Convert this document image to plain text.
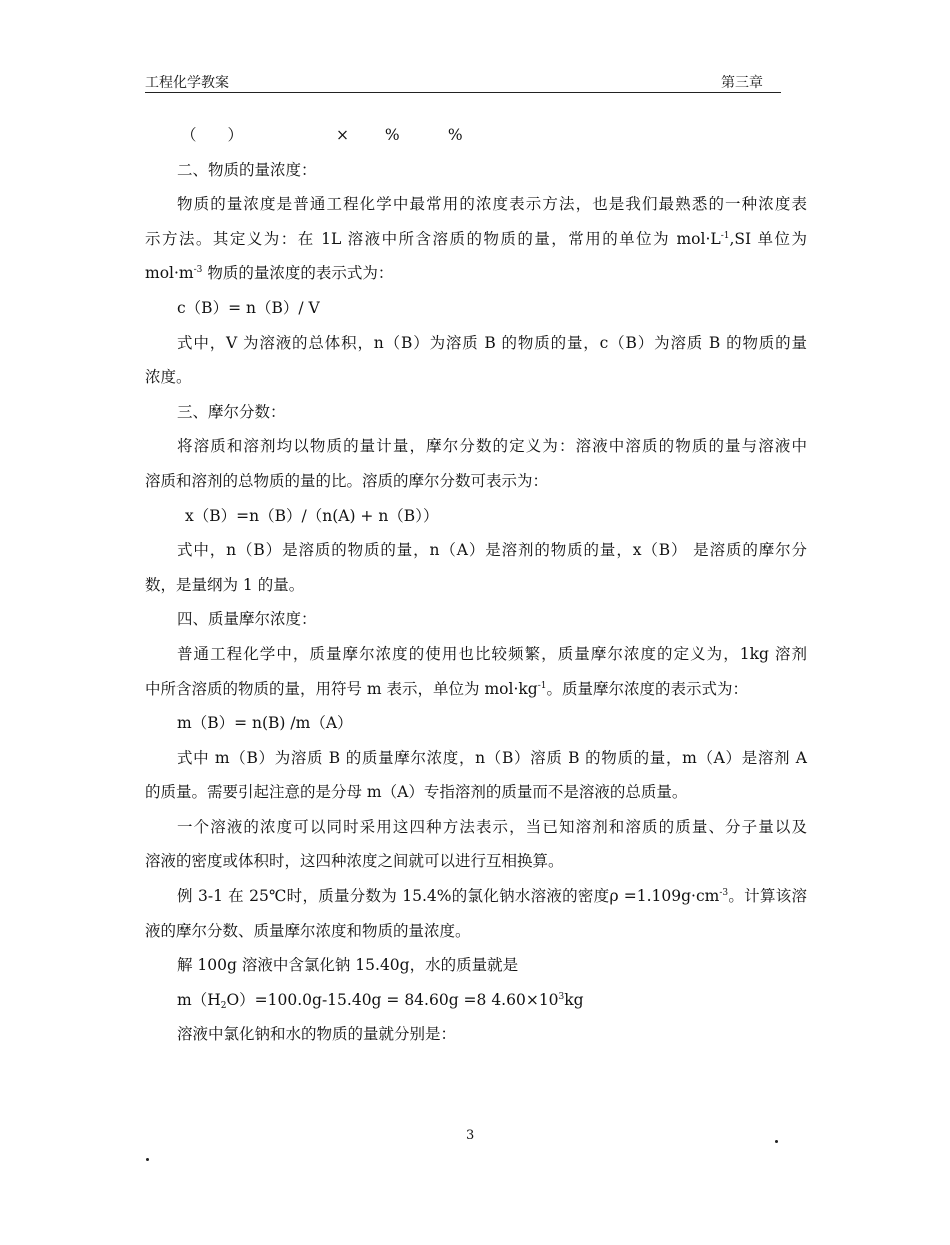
工程化学教案	第三章
（　　）	× %	%
二、物质的量浓度：
物质的量浓度是普通工程化学中最常用的浓度表示方法，也是我们最熟悉的一种浓度表
示方法。其定义为：在 1L 溶液中所含溶质的物质的量，常用的单位为 $mol\cdot L^{-1},SI$ 单位为
$mol\cdot m^{-3}$ 物质的量浓度的表示式为：
c（B）= n（B）/ V
式中，V 为溶液的总体积，n（B）为溶质 B 的物质的量，c（B）为溶质 B 的物质的量
浓度。
三、摩尔分数：
将溶质和溶剂均以物质的量计量，摩尔分数的定义为：溶液中溶质的物质的量与溶液中
溶质和溶剂的总物质的量的比。溶质的摩尔分数可表示为：
x（B）=n（B）/（n(A) + n（B））
式中，n（B）是溶质的物质的量，n（A）是溶剂的物质的量，x（B） 是溶质的摩尔分
数，是量纲为 1 的量。
四、质量摩尔浓度：
普通工程化学中，质量摩尔浓度的使用也比较频繁，质量摩尔浓度的定义为，1kg 溶剂
中所含溶质的物质的量，用符号 m 表示，单位为 $mol\cdot kg^{-1}$。质量摩尔浓度的表示式为：
m（B）= n(B) /m（A）
式中 m（B）为溶质 B 的质量摩尔浓度，n（B）溶质 B 的物质的量，m（A）是溶剂 A
的质量。需要引起注意的是分母 m（A）专指溶剂的质量而不是溶液的总质量。
一个溶液的浓度可以同时采用这四种方法表示，当已知溶剂和溶质的质量、分子量以及
溶液的密度或体积时，这四种浓度之间就可以进行互相换算。
例 3-1 在 25℃时，质量分数为 15.4%的氯化钠水溶液的密度$\rho =1.109g\cdot cm^{-3}$。计算该溶
液的摩尔分数、质量摩尔浓度和物质的量浓度。
解 100g 溶液中含氯化钠 15.40g，水的质量就是
$m(H_2O)=100.0g-15.40g = 84.60g =8$ $4.60\times 10^3kg$
溶液中氯化钠和水的物质的量就分别是：
3
